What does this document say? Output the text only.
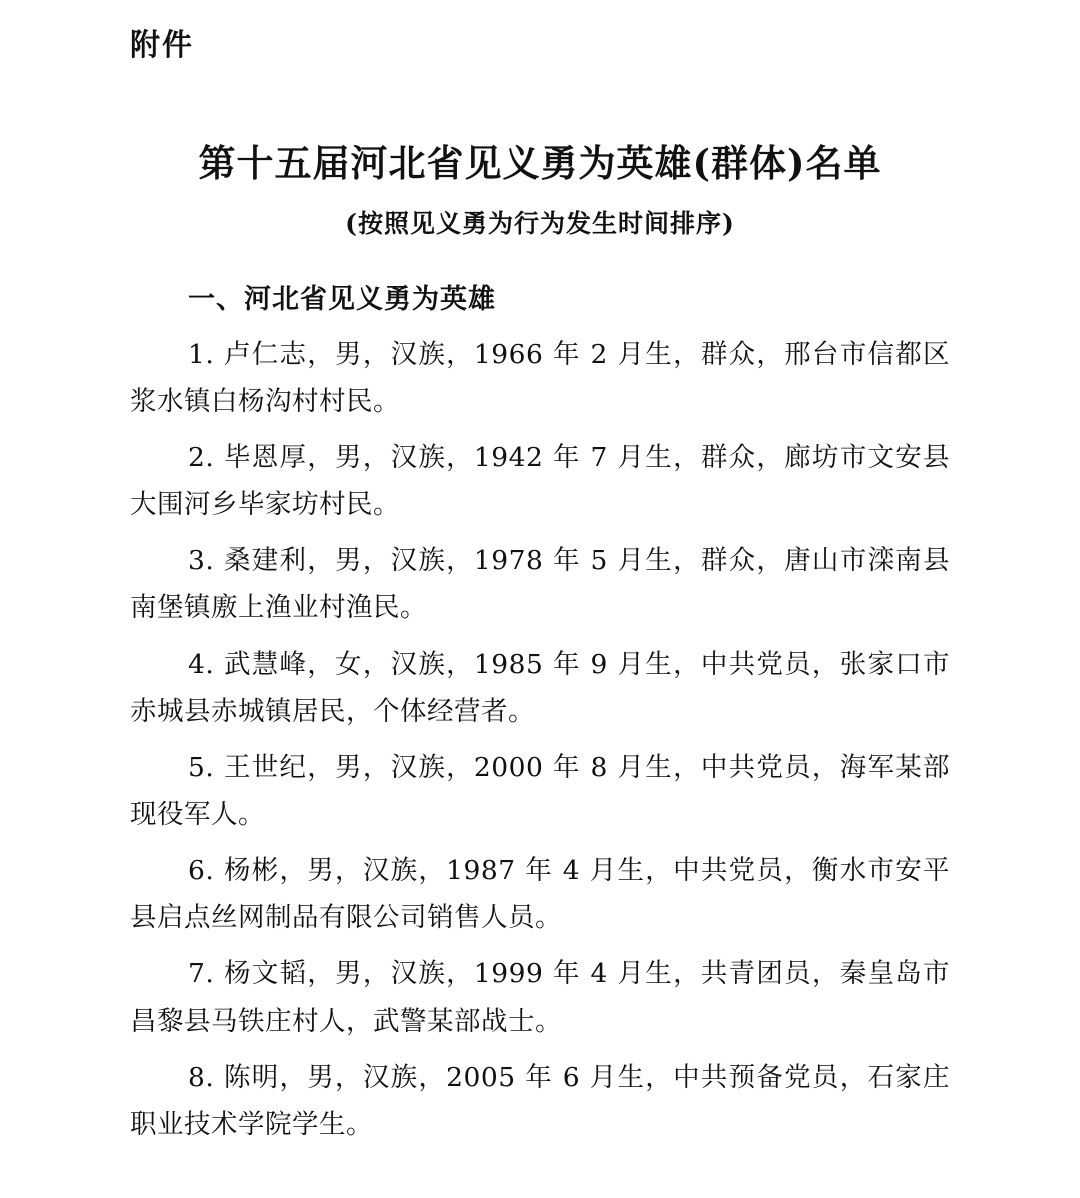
附件
第十五届河北省见义勇为英雄(群体)名单
(按照见义勇为行为发生时间排序)
一、河北省见义勇为英雄
1. 卢仁志，男，汉族，1966 年 2 月生，群众，邢台市信都区浆水镇白杨沟村村民。
2. 毕恩厚，男，汉族，1942 年 7 月生，群众，廊坊市文安县大围河乡毕家坊村民。
3. 桑建利，男，汉族，1978 年 5 月生，群众，唐山市滦南县南堡镇廒上渔业村渔民。
4. 武慧峰，女，汉族，1985 年 9 月生，中共党员，张家口市赤城县赤城镇居民，个体经营者。
5. 王世纪，男，汉族，2000 年 8 月生，中共党员，海军某部现役军人。
6. 杨彬，男，汉族，1987 年 4 月生，中共党员，衡水市安平县启点丝网制品有限公司销售人员。
7. 杨文韬，男，汉族，1999 年 4 月生，共青团员，秦皇岛市昌黎县马铁庄村人，武警某部战士。
8. 陈明，男，汉族，2005 年 6 月生，中共预备党员，石家庄职业技术学院学生。
